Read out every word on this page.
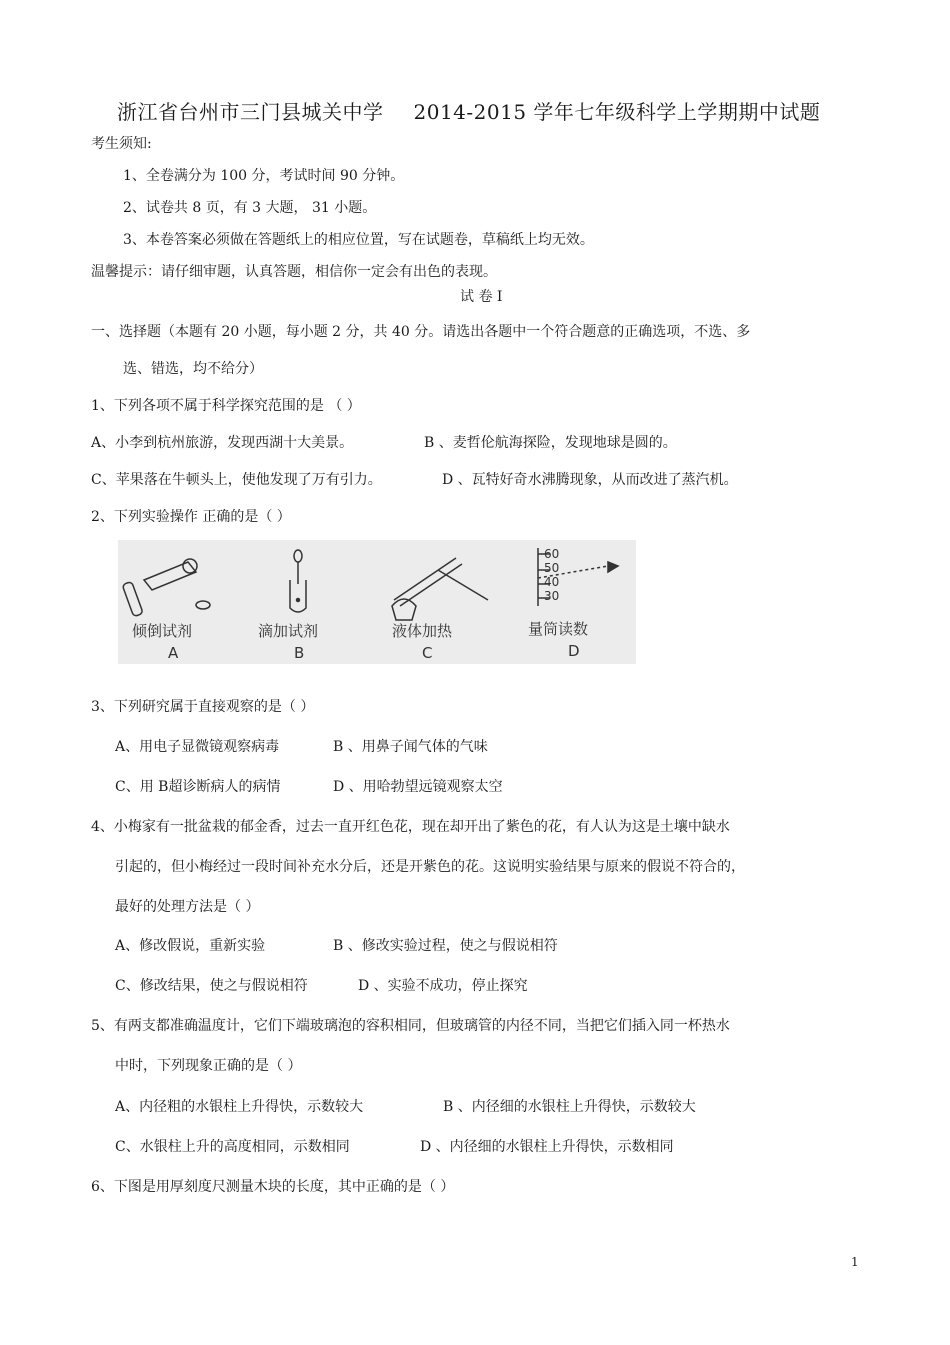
浙江省台州市三门县城关中学 2014-2015 学年七年级科学上学期期中试题
考生须知:
1、全卷满分为 100 分，考试时间 90 分钟。
2、试卷共 8 页，有 3 大题， 31 小题。
3、本卷答案必须做在答题纸上的相应位置，写在试题卷，草稿纸上均无效。
温馨提示：请仔细审题，认真答题，相信你一定会有出色的表现。
试 卷 I
一、选择题（本题有 20 小题，每小题 2 分，共 40 分。请选出各题中一个符合题意的正确选项，不选、多
选、错选，均不给分）
1、下列各项不属于科学探究范围的是 （ ）
A、小李到杭州旅游，发现西湖十大美景。	B 、麦哲伦航海探险，发现地球是圆的。
C、苹果落在牛顿头上，使他发现了万有引力。	D 、瓦特好奇水沸腾现象，从而改进了蒸汽机。
2、下列实验操作 正确的是（ ）
60
50
40
30
倾倒试剂	滴加试剂	液体加热	量筒读数
A	B	C	D
3、下列研究属于直接观察的是（ ）
A、用电子显微镜观察病毒	B 、用鼻子闻气体的气味
C、用 B超诊断病人的病情	D 、用哈勃望远镜观察太空
4、小梅家有一批盆栽的郁金香，过去一直开红色花，现在却开出了紫色的花，有人认为这是土壤中缺水
引起的，但小梅经过一段时间补充水分后，还是开紫色的花。这说明实验结果与原来的假说不符合的，
最好的处理方法是（ ）
A、修改假说，重新实验	B 、修改实验过程，使之与假说相符
C、修改结果，使之与假说相符	D 、实验不成功，停止探究
5、有两支都准确温度计，它们下端玻璃泡的容积相同，但玻璃管的内径不同，当把它们插入同一杯热水
中时，下列现象正确的是（ ）
A、内径粗的水银柱上升得快，示数较大	B 、内径细的水银柱上升得快，示数较大
C、水银柱上升的高度相同，示数相同	D 、内径细的水银柱上升得快，示数相同
6、下图是用厚刻度尺测量木块的长度，其中正确的是（ ）
1
